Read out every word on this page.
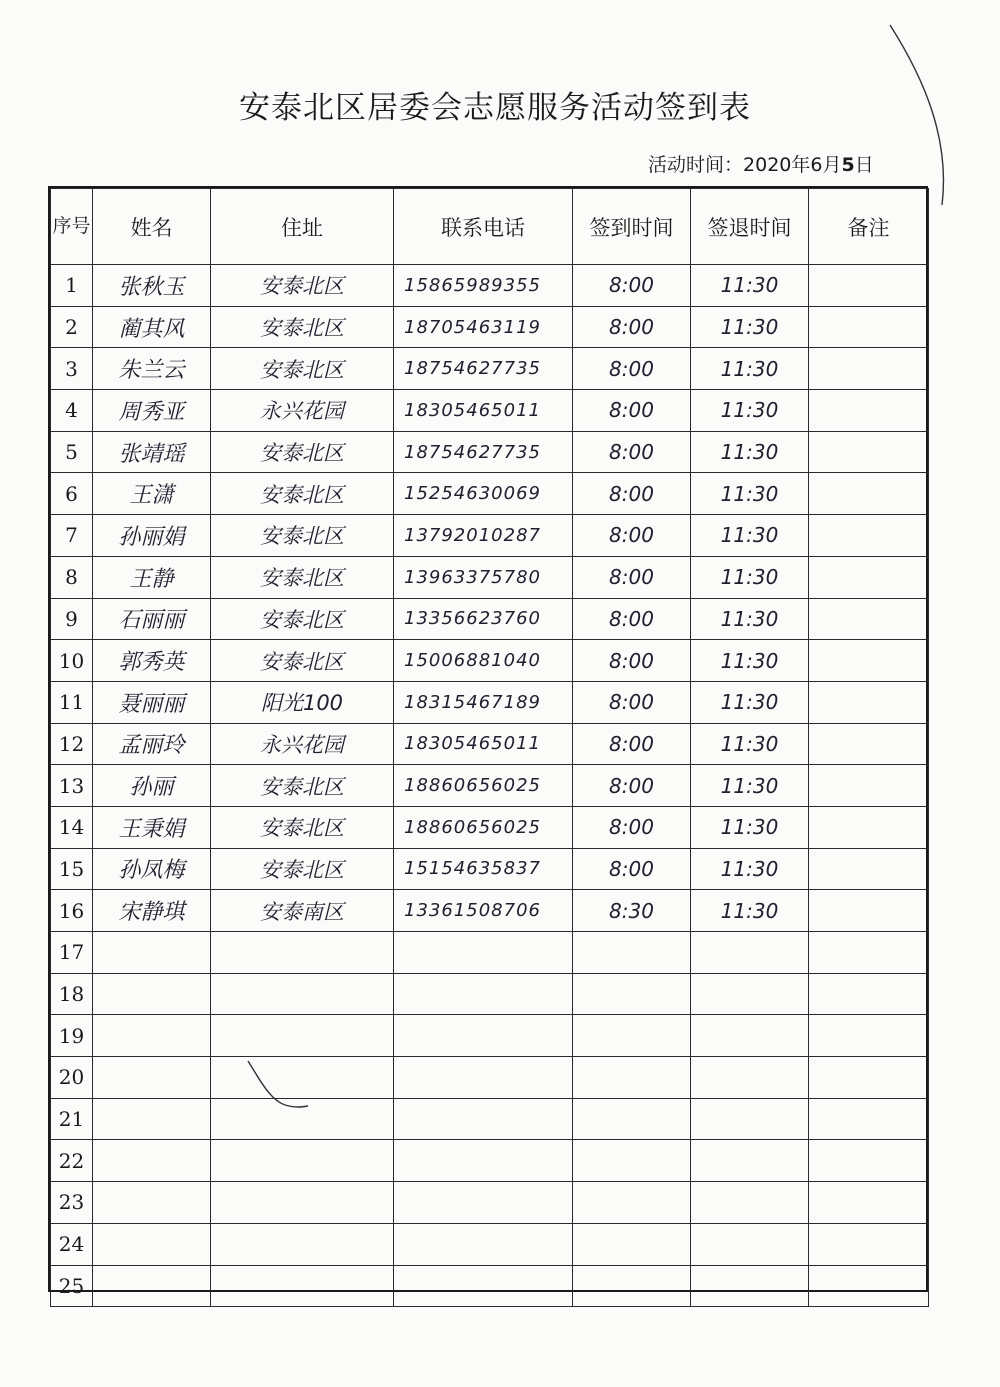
安泰北区居委会志愿服务活动签到表
活动时间：2020年6月5日
序号	姓名	住址	联系电话	签到时间	签退时间	备注
1	张秋玉	安泰北区	15865989355	8:00	11:30	
2	蔺其风	安泰北区	18705463119	8:00	11:30	
3	朱兰云	安泰北区	18754627735	8:00	11:30	
4	周秀亚	永兴花园	18305465011	8:00	11:30	
5	张靖瑶	安泰北区	18754627735	8:00	11:30	
6	王潇	安泰北区	15254630069	8:00	11:30	
7	孙丽娟	安泰北区	13792010287	8:00	11:30	
8	王静	安泰北区	13963375780	8:00	11:30	
9	石丽丽	安泰北区	13356623760	8:00	11:30	
10	郭秀英	安泰北区	15006881040	8:00	11:30	
11	聂丽丽	阳光100	18315467189	8:00	11:30	
12	孟丽玲	永兴花园	18305465011	8:00	11:30	
13	孙丽	安泰北区	18860656025	8:00	11:30	
14	王秉娟	安泰北区	18860656025	8:00	11:30	
15	孙凤梅	安泰北区	15154635837	8:00	11:30	
16	宋静琪	安泰南区	13361508706	8:30	11:30	
17						
18						
19						
20						
21						
22						
23						
24						
25						
